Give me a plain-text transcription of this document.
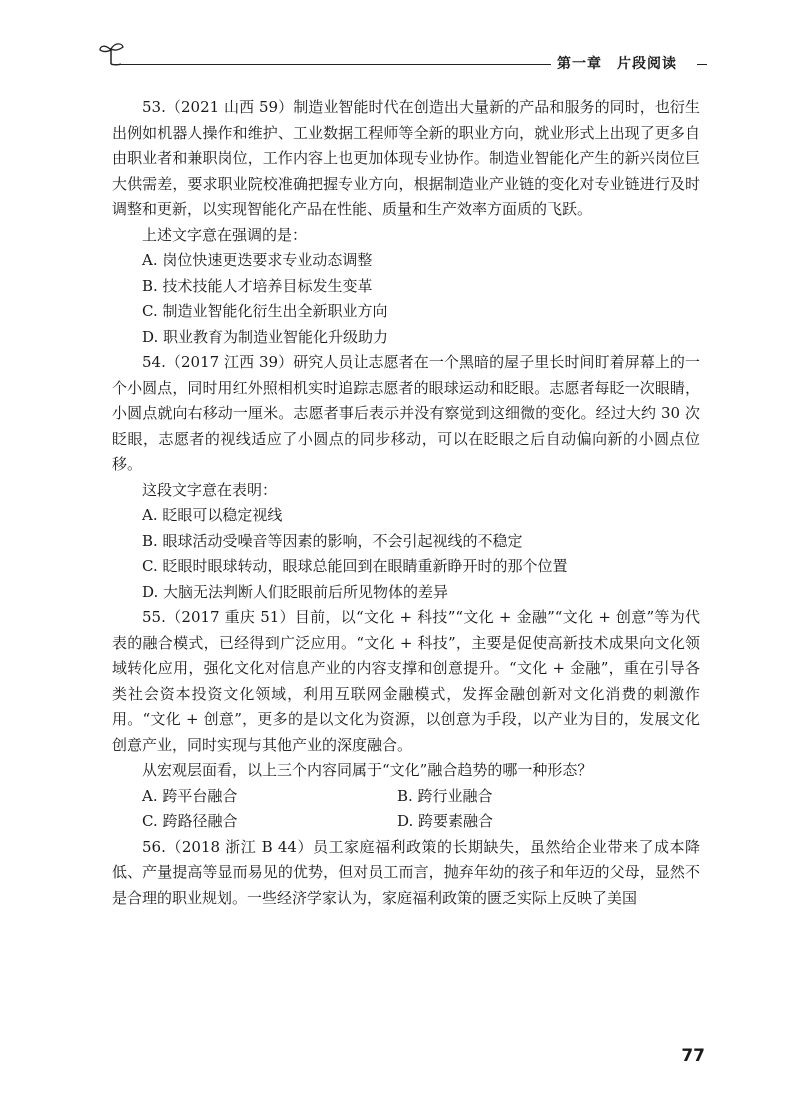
第一章　片段阅读

53.（2021 山西 59）制造业智能时代在创造出大量新的产品和服务的同时，也衍生出例如机器人操作和维护、工业数据工程师等全新的职业方向，就业形式上出现了更多自由职业者和兼职岗位，工作内容上也更加体现专业协作。制造业智能化产生的新兴岗位巨大供需差，要求职业院校准确把握专业方向，根据制造业产业链的变化对专业链进行及时调整和更新，以实现智能化产品在性能、质量和生产效率方面质的飞跃。

上述文字意在强调的是：

A. 岗位快速更迭要求专业动态调整

B. 技术技能人才培养目标发生变革

C. 制造业智能化衍生出全新职业方向

D. 职业教育为制造业智能化升级助力

54.（2017 江西 39）研究人员让志愿者在一个黑暗的屋子里长时间盯着屏幕上的一个小圆点，同时用红外照相机实时追踪志愿者的眼球运动和眨眼。志愿者每眨一次眼睛，小圆点就向右移动一厘米。志愿者事后表示并没有察觉到这细微的变化。经过大约 30 次眨眼，志愿者的视线适应了小圆点的同步移动，可以在眨眼之后自动偏向新的小圆点位移。

这段文字意在表明：

A. 眨眼可以稳定视线

B. 眼球活动受噪音等因素的影响，不会引起视线的不稳定

C. 眨眼时眼球转动，眼球总能回到在眼睛重新睁开时的那个位置

D. 大脑无法判断人们眨眼前后所见物体的差异

55.（2017 重庆 51）目前，以“文化 + 科技”“文化 + 金融”“文化 + 创意”等为代表的融合模式，已经得到广泛应用。“文化 + 科技”，主要是促使高新技术成果向文化领域转化应用，强化文化对信息产业的内容支撑和创意提升。“文化 + 金融”，重在引导各类社会资本投资文化领域，利用互联网金融模式，发挥金融创新对文化消费的刺激作用。“文化 + 创意”，更多的是以文化为资源，以创意为手段，以产业为目的，发展文化创意产业，同时实现与其他产业的深度融合。

从宏观层面看，以上三个内容同属于“文化”融合趋势的哪一种形态？

A. 跨平台融合	B. 跨行业融合
C. 跨路径融合	D. 跨要素融合

56.（2018 浙江 B 44）员工家庭福利政策的长期缺失，虽然给企业带来了成本降低、产量提高等显而易见的优势，但对员工而言，抛弃年幼的孩子和年迈的父母，显然不是合理的职业规划。一些经济学家认为，家庭福利政策的匮乏实际上反映了美国

77
